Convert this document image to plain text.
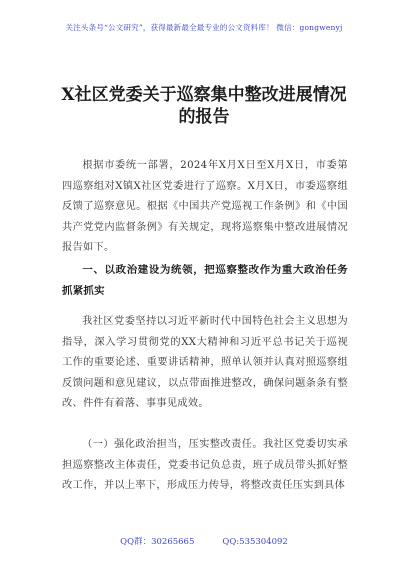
关注头条号“公文研究”，获得最新最全最专业的公文资料库！ 微信：gongwenyj
X社区党委关于巡察集中整改进展情况
的报告
根据市委统一部署，2024年X月X日至X月X日，市委第四巡察组对X镇X社区党委进行了巡察。X月X日，市委巡察组反馈了巡察意见。根据《中国共产党巡视工作条例》和《中国共产党党内监督条例》有关规定，现将巡察集中整改进展情况报告如下。
一、以政治建设为统领，把巡察整改作为重大政治任务抓紧抓实
我社区党委坚持以习近平新时代中国特色社会主义思想为指导，深入学习贯彻党的XX大精神和习近平总书记关于巡视工作的重要论述、重要讲话精神，照单认领并认真对照巡察组反馈问题和意见建议，以点带面推进整改，确保问题条条有整改、件件有着落、事事见成效。
（一）强化政治担当，压实整改责任。我社区党委切实承担巡察整改主体责任，党委书记负总责，班子成员带头抓好整改工作，并以上率下，形成压力传导，将整改责任压实到具体
QQ群：30265665	QQ:535304092
